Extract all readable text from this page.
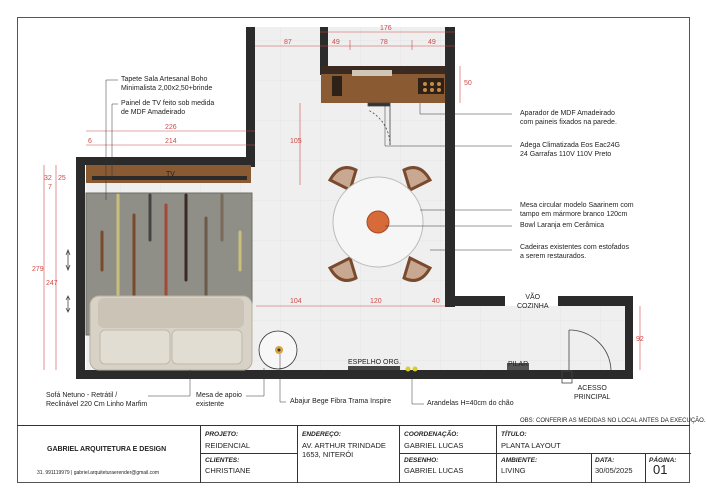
176
87	49	78	49
50
226
6	214	105
32
7
25
279
247
104	120	40
92
TV
VÃO
COZINHA
ESPELHO ORG.	PILAR
ACESSO
PRINCIPAL
Tapete Sala Artesanal Boho
Minimalista 2,00x2,50+brinde
Painel de TV feito sob medida
de MDF Amadeirado	Aparador de MDF Amadeirado
com paineis fixados na parede.
Adega Climatizada Eos Eac24G
24 Garrafas 110V 110V Preto
Mesa circular modelo Saarinem com
tampo em mármore branco 120cm
Bowl Laranja em Cerâmica
Cadeiras existentes com estofados
a serem restaurados.
Sofá Netuno - Retrátil /
Reclinável 220 Cm Linho Marfim
Mesa de apoio
existente	Abajur Bege Fibra Trama Inspire	Arandelas H=40cm do chão
OBS: CONFERIR AS MEDIDAS NO LOCAL ANTES DA EXECUÇÃO.
GABRIEL ARQUITETURA E DESIGN
31. 991119979 | gabriel.arquiteturaerender@gmail.com
PROJETO:
REIDENCIAL
CLIENTES:
CHRISTIANE
ENDEREÇO:
AV. ARTHUR TRINDADE
1653, NITERÓI
COORDENAÇÃO:
GABRIEL LUCAS
DESENHO:
GABRIEL LUCAS
TÍTULO:
PLANTA LAYOUT
AMBIENTE:
LIVING
DATA:
30/05/2025
PÁGINA:
01
